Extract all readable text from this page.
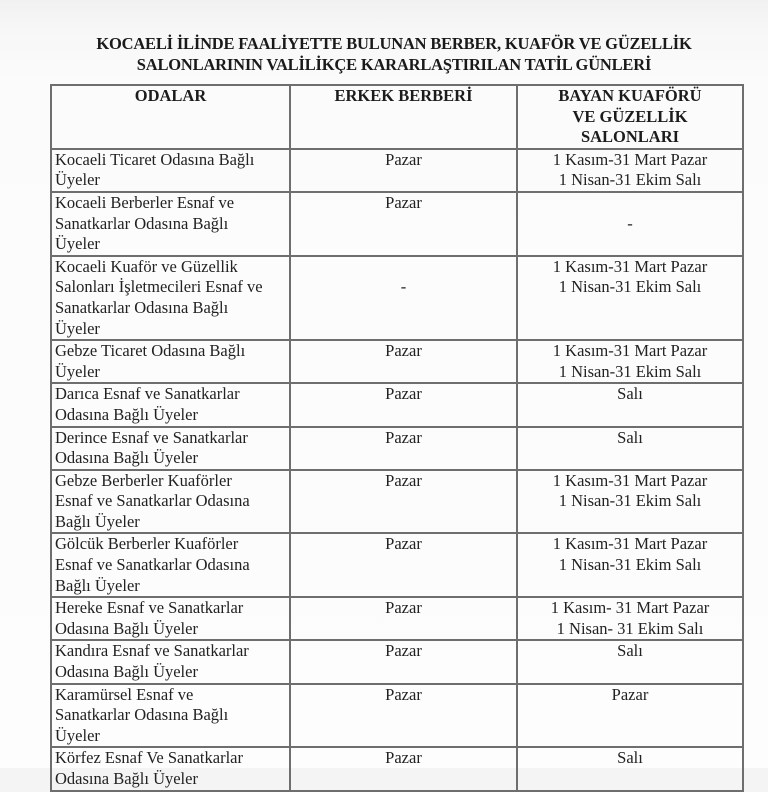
KOCAELİ İLİNDE FAALİYETTE BULUNAN BERBER, KUAFÖR VE GÜZELLİK
SALONLARININ VALİLİKÇE KARARLAŞTIRILAN TATİL GÜNLERİ
ODALAR	ERKEK BERBERİ	BAYAN KUAFÖRÜ
VE GÜZELLİK
SALONLARI

Kocaeli Ticaret Odasına Bağlı
Üyeler	Pazar	1 Kasım-31 Mart Pazar
1 Nisan-31 Ekim Salı

Kocaeli Berberler Esnaf ve
Sanatkarlar Odasına Bağlı
Üyeler	Pazar	-

Kocaeli Kuaför ve Güzellik
Salonları İşletmecileri Esnaf ve
Sanatkarlar Odasına Bağlı
Üyeler	-	1 Kasım-31 Mart Pazar
1 Nisan-31 Ekim Salı

Gebze Ticaret Odasına Bağlı
Üyeler	Pazar	1 Kasım-31 Mart Pazar
1 Nisan-31 Ekim Salı

Darıca Esnaf ve Sanatkarlar
Odasına Bağlı Üyeler	Pazar	Salı

Derince Esnaf ve Sanatkarlar
Odasına Bağlı Üyeler	Pazar	Salı

Gebze Berberler Kuaförler
Esnaf ve Sanatkarlar Odasına
Bağlı Üyeler	Pazar	1 Kasım-31 Mart Pazar
1 Nisan-31 Ekim Salı

Gölcük Berberler Kuaförler
Esnaf ve Sanatkarlar Odasına
Bağlı Üyeler	Pazar	1 Kasım-31 Mart Pazar
1 Nisan-31 Ekim Salı

Hereke Esnaf ve Sanatkarlar
Odasına Bağlı Üyeler	Pazar	1 Kasım- 31 Mart Pazar
1 Nisan- 31 Ekim Salı

Kandıra Esnaf ve Sanatkarlar
Odasına Bağlı Üyeler	Pazar	Salı

Karamürsel Esnaf ve
Sanatkarlar Odasına Bağlı
Üyeler	Pazar	Pazar

Körfez Esnaf Ve Sanatkarlar
Odasına Bağlı Üyeler	Pazar	Salı
